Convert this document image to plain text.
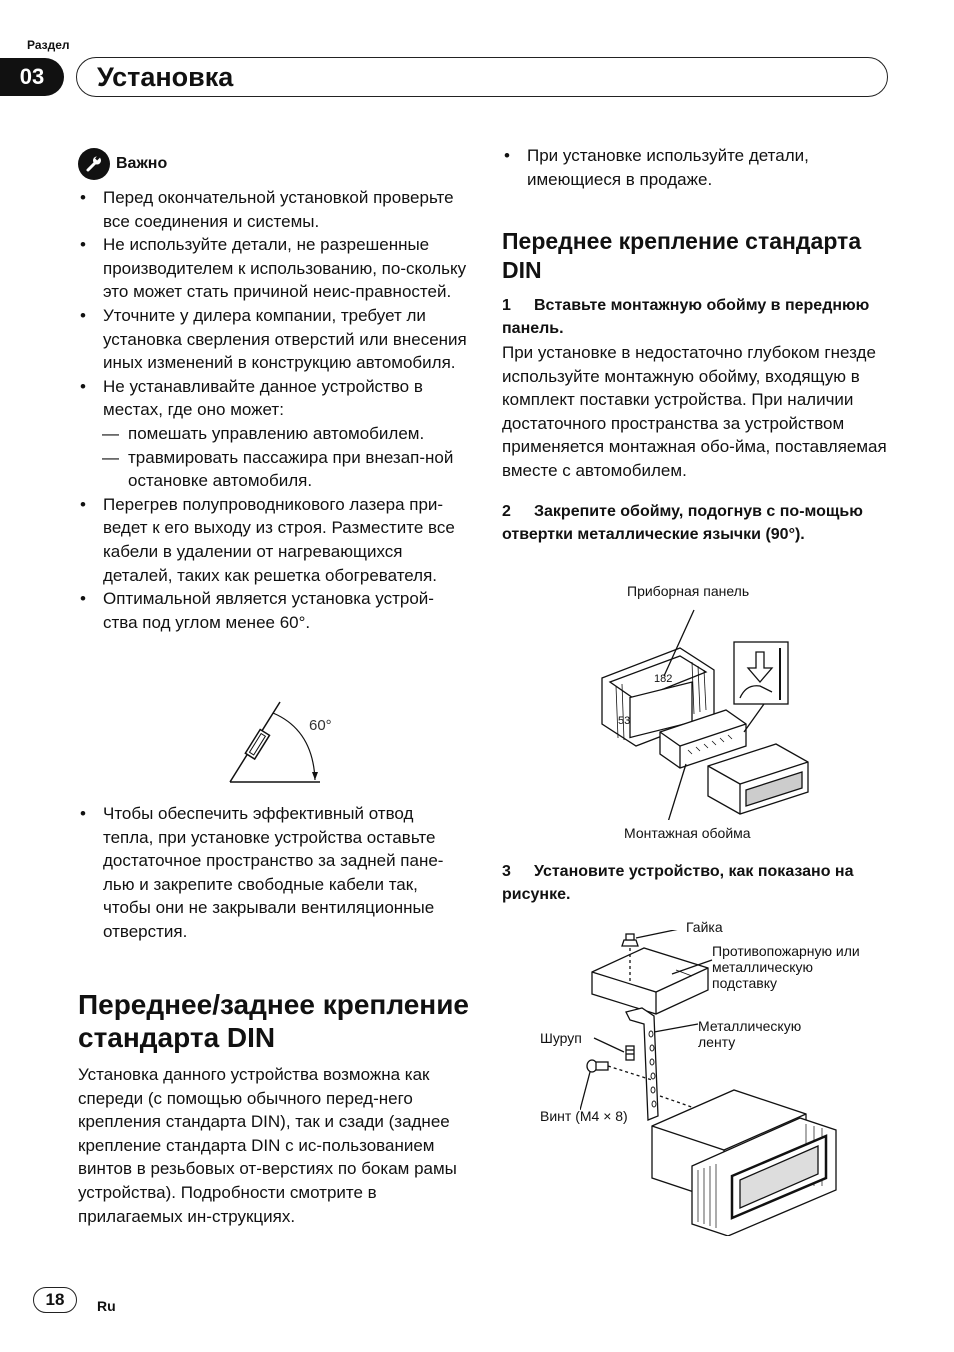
Раздел
03	Установка
Важно
• Перед окончательной установкой проверьте все соединения и системы.
• Не используйте детали, не разрешенные производителем к использованию, по-скольку это может стать причиной неис-правностей.
• Уточните у дилера компании, требует ли установка сверления отверстий или внесения иных изменений в конструкцию автомобиля.
• Не устанавливайте данное устройство в местах, где оно может:
— помешать управлению автомобилем.
— травмировать пассажира при внезап-ной остановке автомобиля.
• Перегрев полупроводникового лазера при-ведет к его выходу из строя. Разместите все кабели в удалении от нагревающихся деталей, таких как решетка обогревателя.
• Оптимальной является установка устрой-ства под углом менее 60°.
60°
• Чтобы обеспечить эффективный отвод тепла, при установке устройства оставьте достаточное пространство за задней пане-лью и закрепите свободные кабели так, чтобы они не закрывали вентиляционные отверстия.
Переднее/заднее крепление стандарта DIN
Установка данного устройства возможна как спереди (с помощью обычного перед-него крепления стандарта DIN), так и сзади (заднее крепление стандарта DIN с ис-пользованием винтов в резьбовых от-верстиях по бокам рамы устройства). Подробности смотрите в прилагаемых ин-струкциях.
• При установке используйте детали, имеющиеся в продаже.
Переднее крепление стандарта DIN
1 Вставьте монтажную обойму в переднюю панель.
При установке в недостаточно глубоком гнезде используйте монтажную обойму, входящую в комплект поставки устройства. При наличии достаточного пространства за устройством применяется монтажная обо-йма, поставляемая вместе с автомобилем.
2 Закрепите обойму, подогнув с по-мощью отвертки металлические язычки (90°).
Приборная панель
182
53
Монтажная обойма
3 Установите устройство, как показано на рисунке.
Гайка
Противопожарную или металлическую подставку
Шуруп
Металлическую ленту
Винт (M4 × 8)
18	Ru
